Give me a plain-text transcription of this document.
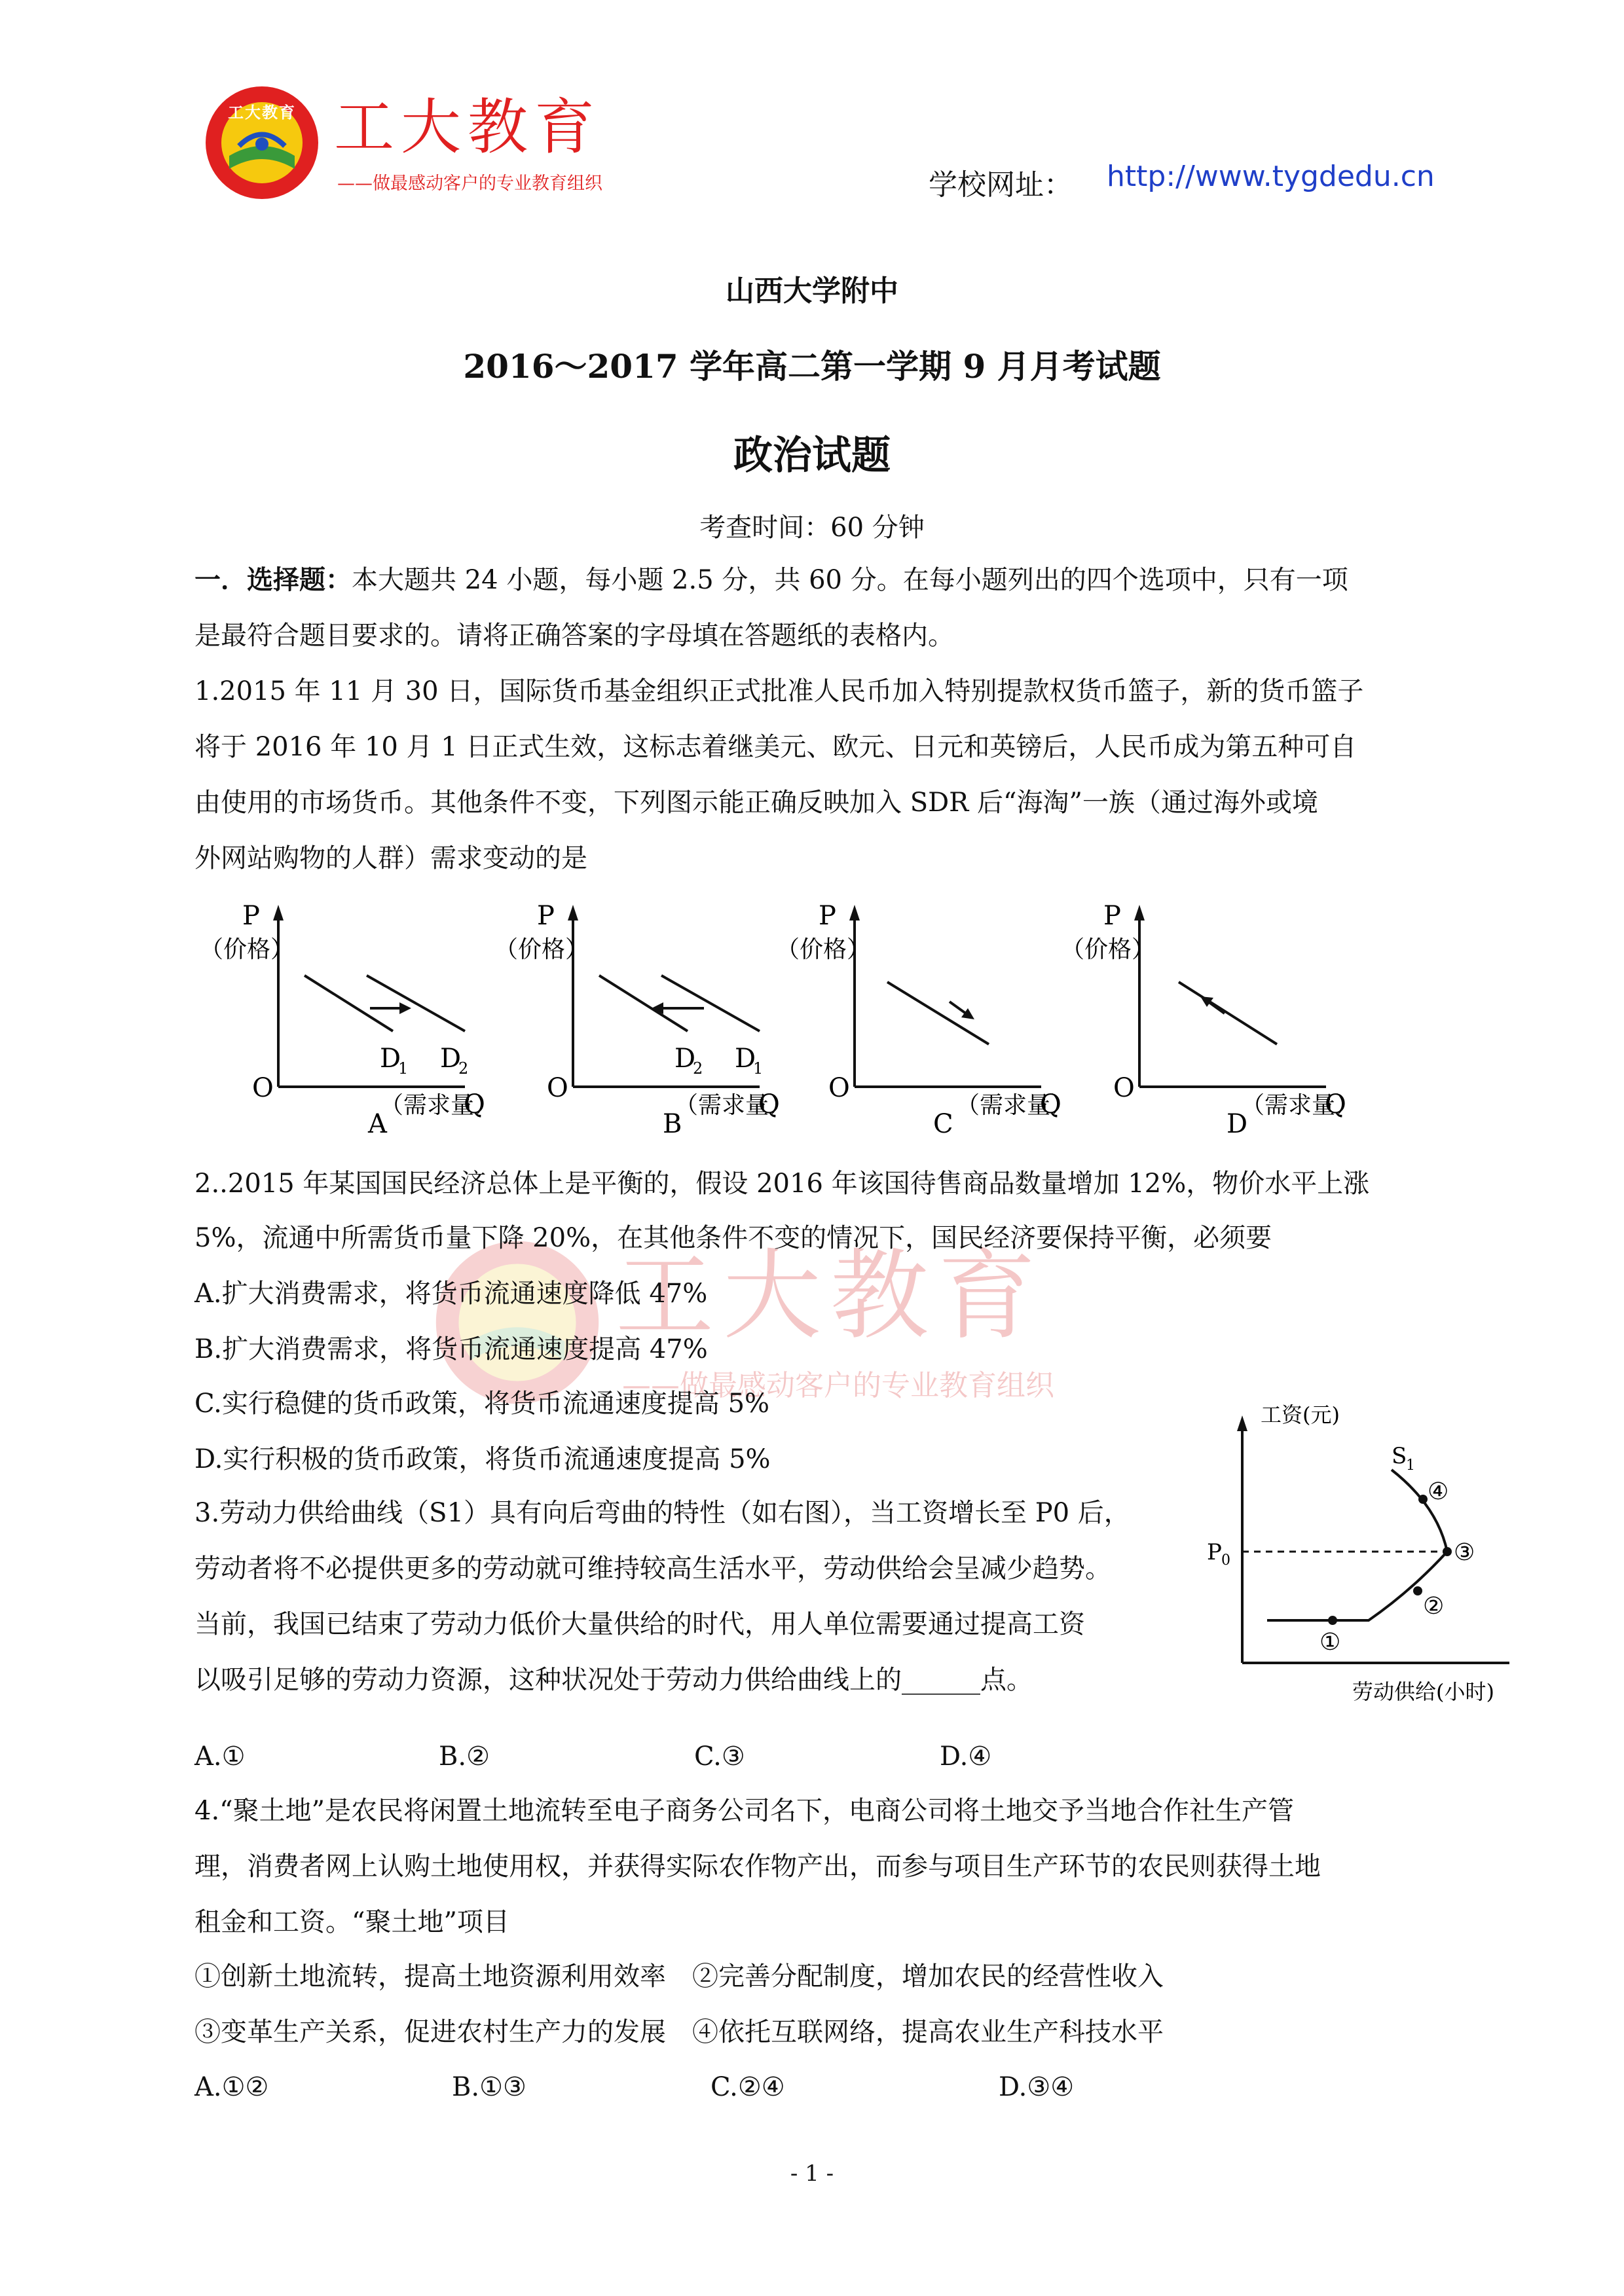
工大教育 工大教育
——做最感动客户的专业教育组织	学校网址： http://www.tygdedu.cn
工大教育
——做最感动客户的专业教育组织
山西大学附中
2016～2017 学年高二第一学期 9 月月考试题
政治试题
考查时间：60 分钟
一．选择题：本大题共 24 小题，每小题 2.5 分，共 60 分。在每小题列出的四个选项中，只有一项
是最符合题目要求的。请将正确答案的字母填在答题纸的表格内。
1.2015 年 11 月 30 日，国际货币基金组织正式批准人民币加入特别提款权货币篮子，新的货币篮子
将于 2016 年 10 月 1 日正式生效，这标志着继美元、欧元、日元和英镑后，人民币成为第五种可自
由使用的市场货币。其他条件不变，下列图示能正确反映加入 SDR 后“海淘”一族（通过海外或境
外网站购物的人群）需求变动的是
P
（价格）
O
D
1 D
2
（需求量
Q
A
P
（价格）
O
D
2 D
1
（需求量
Q
B
P
（价格）
O
（需求量
Q
C
P
（价格）
O
（需求量
Q
D
2..2015 年某国国民经济总体上是平衡的，假设 2016 年该国待售商品数量增加 12%，物价水平上涨
5%，流通中所需货币量下降 20%，在其他条件不变的情况下，国民经济要保持平衡，必须要
A.扩大消费需求，将货币流通速度降低 47%
B.扩大消费需求，将货币流通速度提高 47%
C.实行稳健的货币政策，将货币流通速度提高 5%
D.实行积极的货币政策，将货币流通速度提高 5%
3.劳动力供给曲线（S1）具有向后弯曲的特性（如右图），当工资增长至 P0 后，
劳动者将不必提供更多的劳动就可维持较高生活水平，劳动供给会呈减少趋势。
当前，我国已结束了劳动力低价大量供给的时代，用人单位需要通过提高工资
以吸引足够的劳动力资源，这种状况处于劳动力供给曲线上的______点。
工资(元)
劳动供给(小时)
S
1
P 0
①
②
③
④
A.①	B.②	C.③	D.④
4.“聚土地”是农民将闲置土地流转至电子商务公司名下，电商公司将土地交予当地合作社生产管
理，消费者网上认购土地使用权，并获得实际农作物产出，而参与项目生产环节的农民则获得土地
租金和工资。“聚土地”项目
①创新土地流转，提高土地资源利用效率　②完善分配制度，增加农民的经营性收入
③变革生产关系，促进农村生产力的发展　④依托互联网络，提高农业生产科技水平
A.①②	B.①③	C.②④	D.③④
- 1 -
